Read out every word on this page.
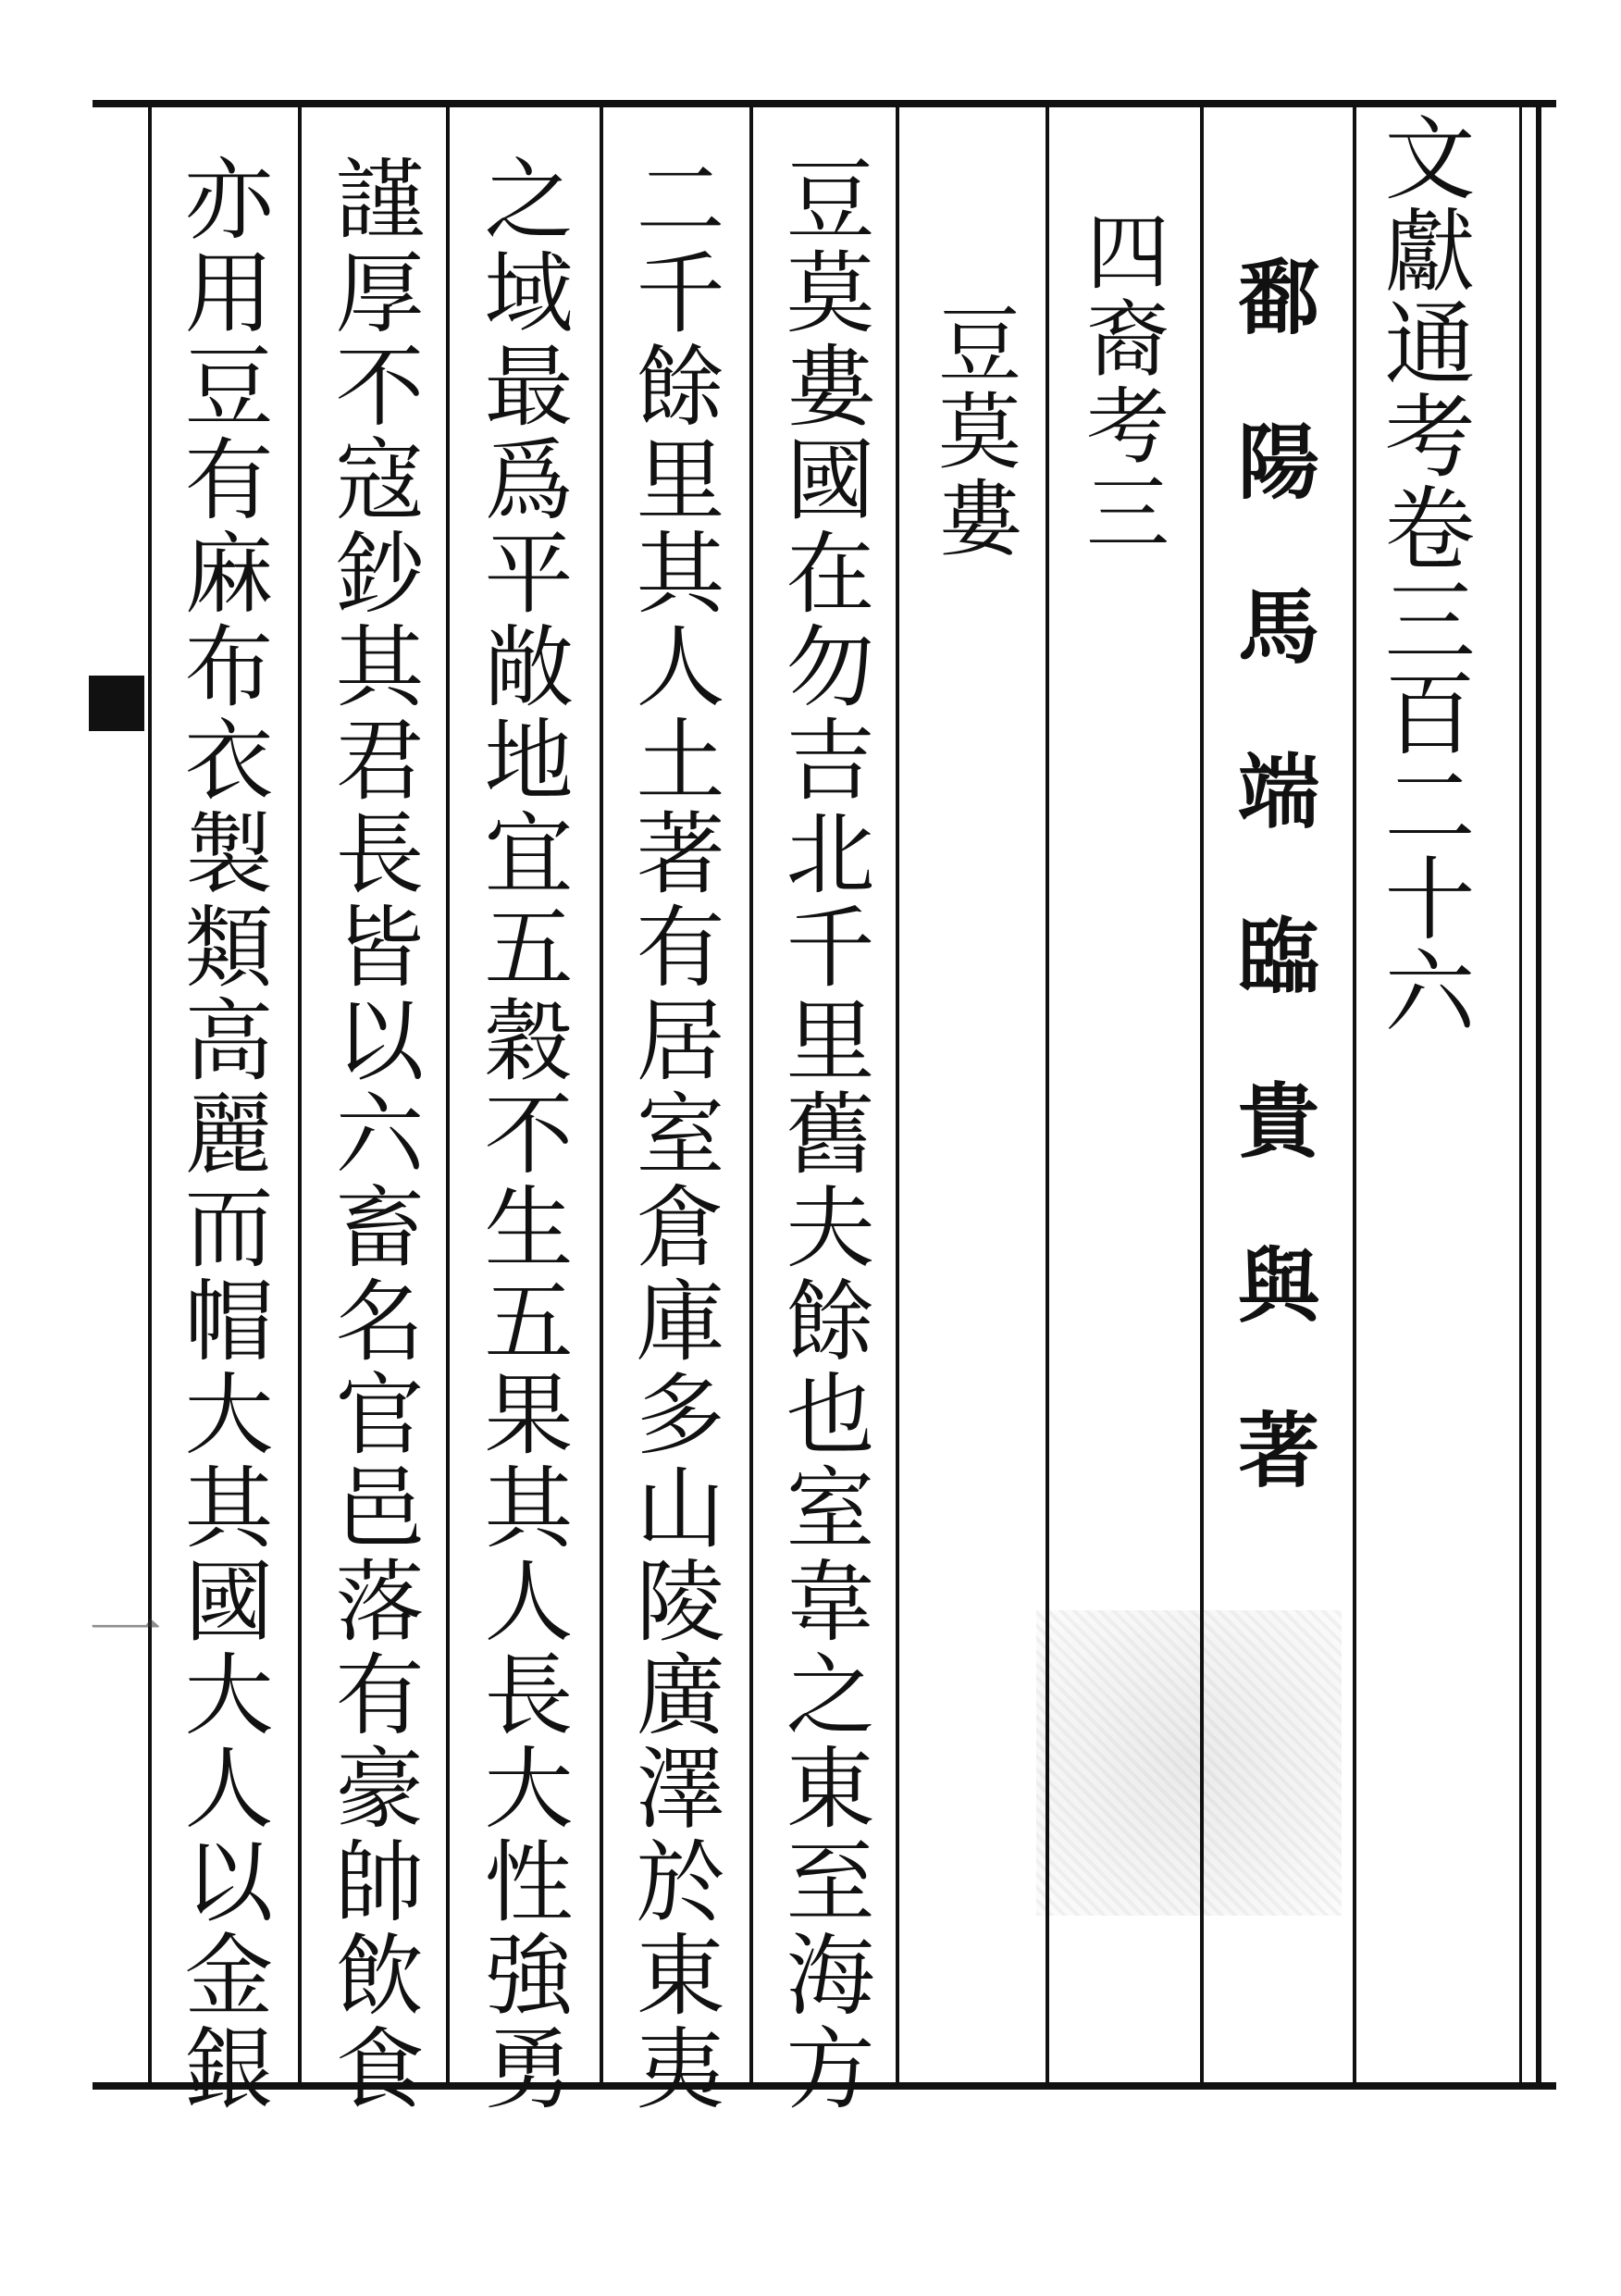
文獻通考卷三百二十六
鄱陽馬端臨貴與著
四裔考三
豆莫婁
豆莫婁國在勿吉北千里舊夫餘也室韋之東至海方
二千餘里其人土著有居室倉庫多山陵廣澤於東夷
之域最爲平敞地宜五穀不生五果其人長大性強勇
謹厚不寇鈔其君長皆以六畜名官邑落有豪帥飲食
亦用豆有麻布衣製類高麗而帽大其國大人以金銀
一
